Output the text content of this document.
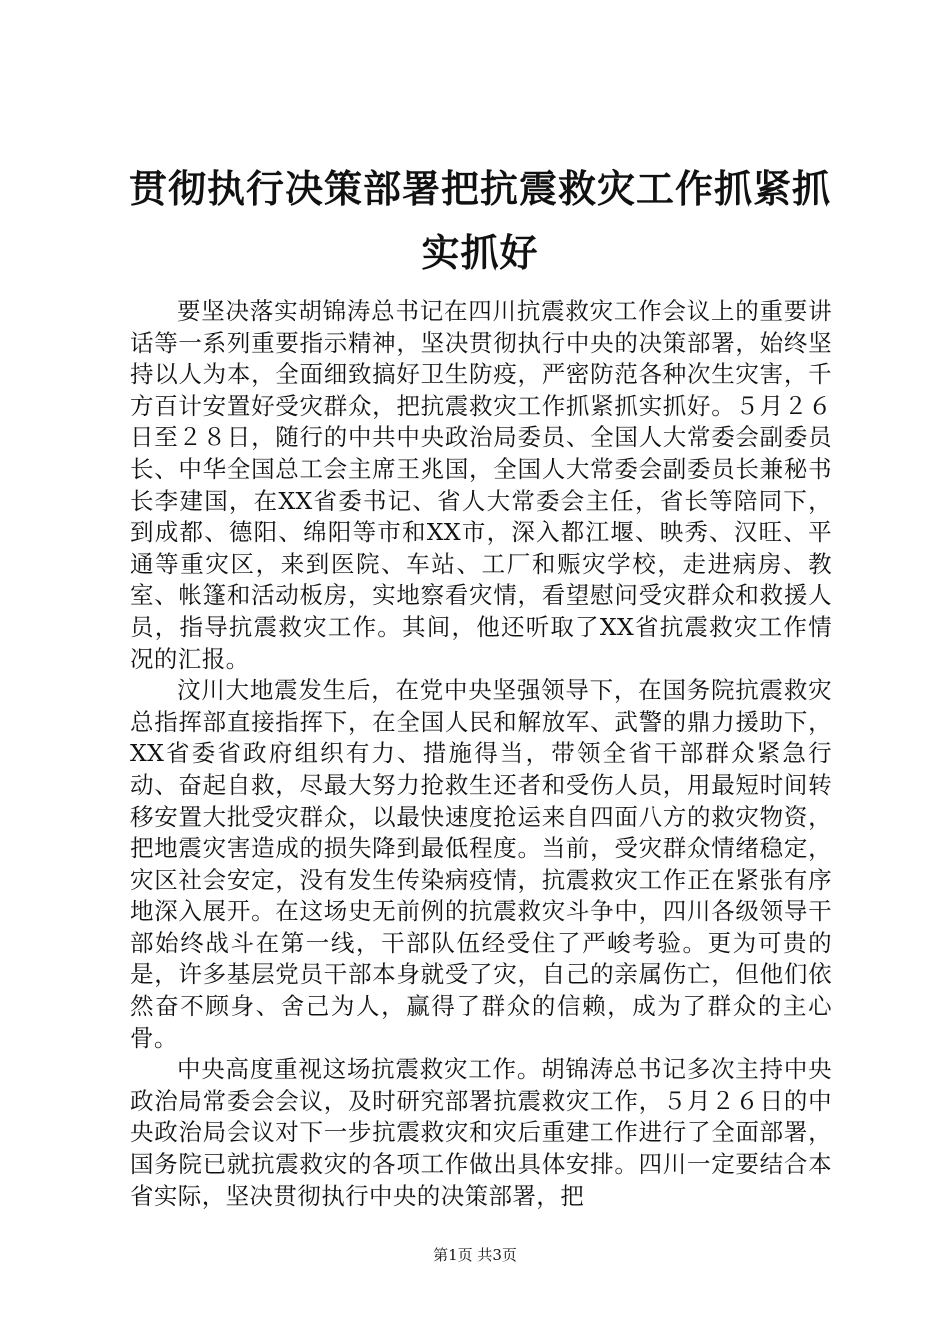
贯彻执行决策部署把抗震救灾工作抓紧抓实抓好

要坚决落实胡锦涛总书记在四川抗震救灾工作会议上的重要讲话等一系列重要指示精神，坚决贯彻执行中央的决策部署，始终坚持以人为本，全面细致搞好卫生防疫，严密防范各种次生灾害，千方百计安置好受灾群众，把抗震救灾工作抓紧抓实抓好。５月２６日至２８日，随行的中共中央政治局委员、全国人大常委会副委员长、中华全国总工会主席王兆国，全国人大常委会副委员长兼秘书长李建国，在XX省委书记、省人大常委会主任，省长等陪同下，到成都、德阳、绵阳等市和XX市，深入都江堰、映秀、汉旺、平通等重灾区，来到医院、车站、工厂和赈灾学校，走进病房、教室、帐篷和活动板房，实地察看灾情，看望慰问受灾群众和救援人员，指导抗震救灾工作。其间，他还听取了XX省抗震救灾工作情况的汇报。

汶川大地震发生后，在党中央坚强领导下，在国务院抗震救灾总指挥部直接指挥下，在全国人民和解放军、武警的鼎力援助下，XX省委省政府组织有力、措施得当，带领全省干部群众紧急行动、奋起自救，尽最大努力抢救生还者和受伤人员，用最短时间转移安置大批受灾群众，以最快速度抢运来自四面八方的救灾物资，把地震灾害造成的损失降到最低程度。当前，受灾群众情绪稳定，灾区社会安定，没有发生传染病疫情，抗震救灾工作正在紧张有序地深入展开。在这场史无前例的抗震救灾斗争中，四川各级领导干部始终战斗在第一线，干部队伍经受住了严峻考验。更为可贵的是，许多基层党员干部本身就受了灾，自己的亲属伤亡，但他们依然奋不顾身、舍己为人，赢得了群众的信赖，成为了群众的主心骨。

中央高度重视这场抗震救灾工作。胡锦涛总书记多次主持中央政治局常委会会议，及时研究部署抗震救灾工作，５月２６日的中央政治局会议对下一步抗震救灾和灾后重建工作进行了全面部署，国务院已就抗震救灾的各项工作做出具体安排。四川一定要结合本省实际，坚决贯彻执行中央的决策部署，把

第1页 共3页
